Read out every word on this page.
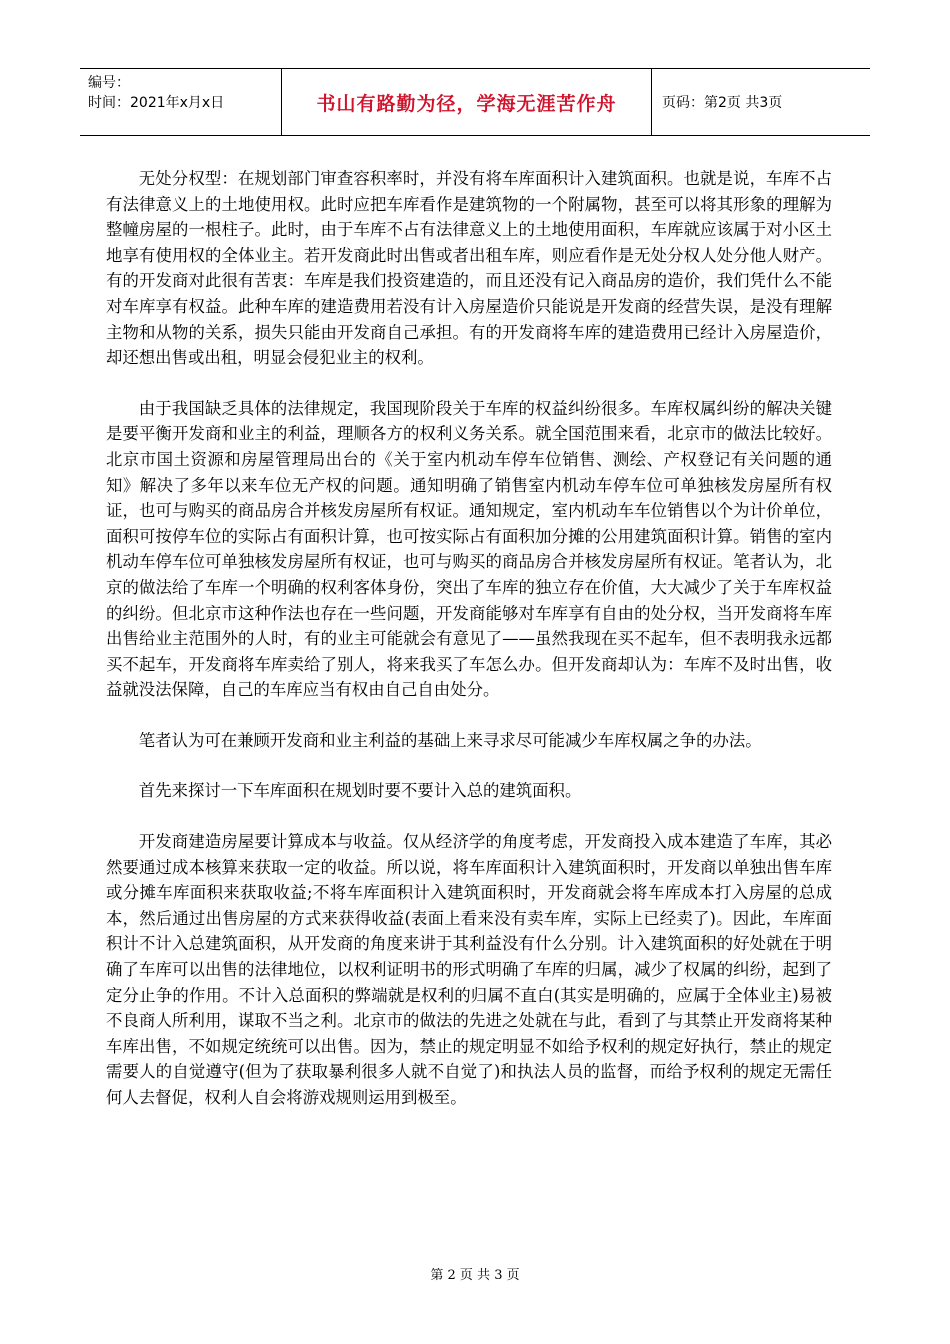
编号：
时间：2021年x月x日	书山有路勤为径，学海无涯苦作舟	页码：第2页 共3页

无处分权型：在规划部门审查容积率时，并没有将车库面积计入建筑面积。也就是说，车库不占有法律意义上的土地使用权。此时应把车库看作是建筑物的一个附属物，甚至可以将其形象的理解为整幢房屋的一根柱子。此时，由于车库不占有法律意义上的土地使用面积，车库就应该属于对小区土地享有使用权的全体业主。若开发商此时出售或者出租车库，则应看作是无处分权人处分他人财产。有的开发商对此很有苦衷：车库是我们投资建造的，而且还没有记入商品房的造价，我们凭什么不能对车库享有权益。此种车库的建造费用若没有计入房屋造价只能说是开发商的经营失误，是没有理解主物和从物的关系，损失只能由开发商自己承担。有的开发商将车库的建造费用已经计入房屋造价，却还想出售或出租，明显会侵犯业主的权利。

由于我国缺乏具体的法律规定，我国现阶段关于车库的权益纠纷很多。车库权属纠纷的解决关键是要平衡开发商和业主的利益，理顺各方的权利义务关系。就全国范围来看，北京市的做法比较好。北京市国土资源和房屋管理局出台的《关于室内机动车停车位销售、测绘、产权登记有关问题的通知》解决了多年以来车位无产权的问题。通知明确了销售室内机动车停车位可单独核发房屋所有权证，也可与购买的商品房合并核发房屋所有权证。通知规定，室内机动车车位销售以个为计价单位，面积可按停车位的实际占有面积计算，也可按实际占有面积加分摊的公用建筑面积计算。销售的室内机动车停车位可单独核发房屋所有权证，也可与购买的商品房合并核发房屋所有权证。笔者认为，北京的做法给了车库一个明确的权利客体身份，突出了车库的独立存在价值，大大减少了关于车库权益的纠纷。但北京市这种作法也存在一些问题，开发商能够对车库享有自由的处分权，当开发商将车库出售给业主范围外的人时，有的业主可能就会有意见了——虽然我现在买不起车，但不表明我永远都买不起车，开发商将车库卖给了别人，将来我买了车怎么办。但开发商却认为：车库不及时出售，收益就没法保障，自己的车库应当有权由自己自由处分。

笔者认为可在兼顾开发商和业主利益的基础上来寻求尽可能减少车库权属之争的办法。

首先来探讨一下车库面积在规划时要不要计入总的建筑面积。

开发商建造房屋要计算成本与收益。仅从经济学的角度考虑，开发商投入成本建造了车库，其必然要通过成本核算来获取一定的收益。所以说，将车库面积计入建筑面积时，开发商以单独出售车库或分摊车库面积来获取收益;不将车库面积计入建筑面积时，开发商就会将车库成本打入房屋的总成本，然后通过出售房屋的方式来获得收益(表面上看来没有卖车库，实际上已经卖了)。因此，车库面积计不计入总建筑面积，从开发商的角度来讲于其利益没有什么分别。计入建筑面积的好处就在于明确了车库可以出售的法律地位，以权利证明书的形式明确了车库的归属，减少了权属的纠纷，起到了定分止争的作用。不计入总面积的弊端就是权利的归属不直白(其实是明确的，应属于全体业主)易被不良商人所利用，谋取不当之利。北京市的做法的先进之处就在与此，看到了与其禁止开发商将某种车库出售，不如规定统统可以出售。因为，禁止的规定明显不如给予权利的规定好执行，禁止的规定需要人的自觉遵守(但为了获取暴利很多人就不自觉了)和执法人员的监督，而给予权利的规定无需任何人去督促，权利人自会将游戏规则运用到极至。

第 2 页 共 3 页
